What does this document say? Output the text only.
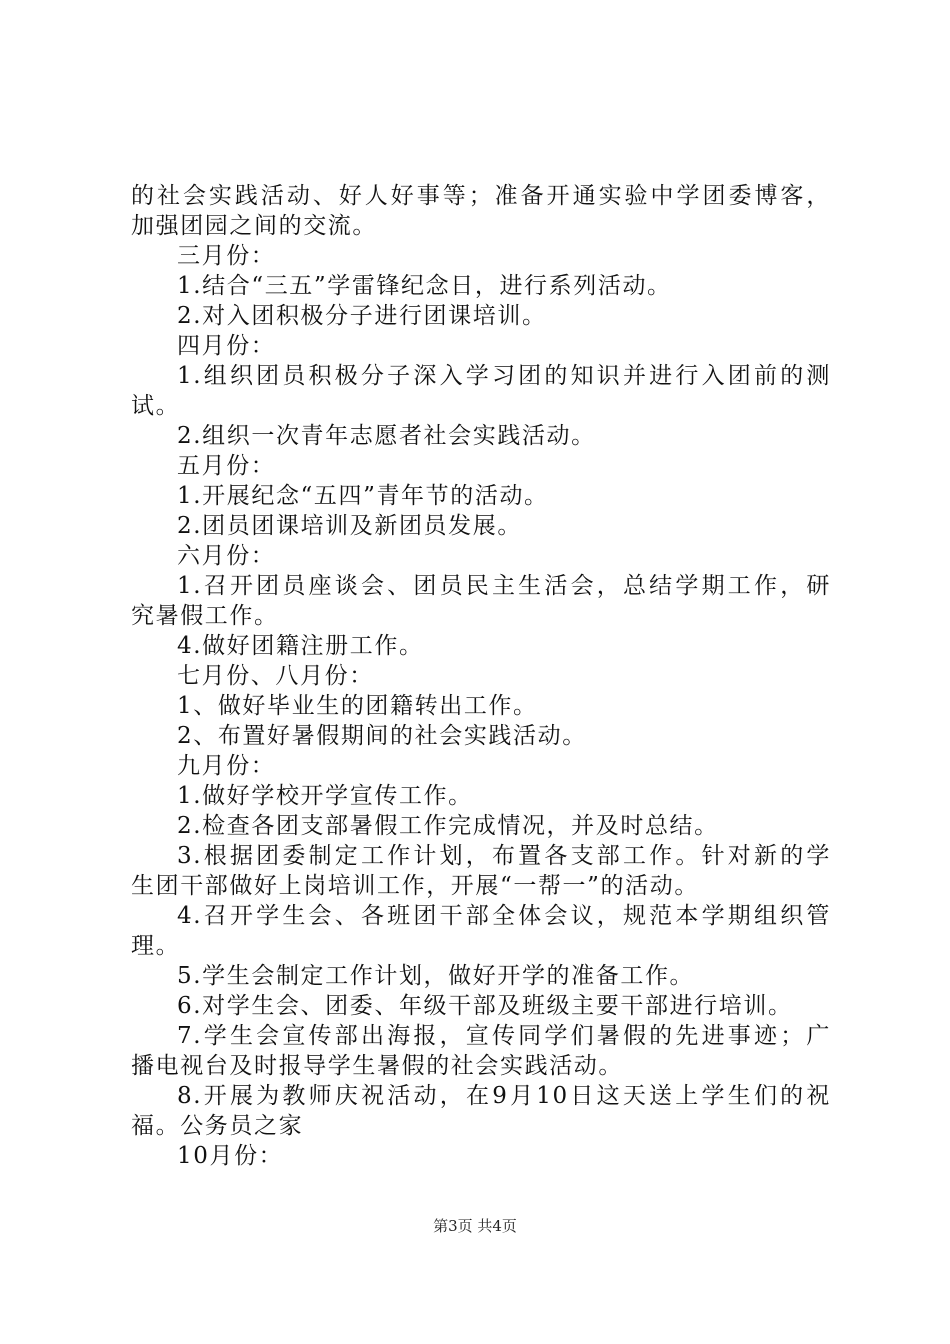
的社会实践活动、好人好事等；准备开通实验中学团委博客，
加强团园之间的交流。
三月份：
1.结合“三五”学雷锋纪念日，进行系列活动。
2.对入团积极分子进行团课培训。
四月份：
1.组织团员积极分子深入学习团的知识并进行入团前的测
试。
2.组织一次青年志愿者社会实践活动。
五月份：
1.开展纪念“五四”青年节的活动。
2.团员团课培训及新团员发展。
六月份：
1.召开团员座谈会、团员民主生活会，总结学期工作，研
究暑假工作。
4.做好团籍注册工作。
七月份、八月份：
1、做好毕业生的团籍转出工作。
2、布置好暑假期间的社会实践活动。
九月份：
1.做好学校开学宣传工作。
2.检查各团支部暑假工作完成情况，并及时总结。
3.根据团委制定工作计划，布置各支部工作。针对新的学
生团干部做好上岗培训工作，开展“一帮一”的活动。
4.召开学生会、各班团干部全体会议，规范本学期组织管
理。
5.学生会制定工作计划，做好开学的准备工作。
6.对学生会、团委、年级干部及班级主要干部进行培训。
7.学生会宣传部出海报，宣传同学们暑假的先进事迹；广
播电视台及时报导学生暑假的社会实践活动。
8.开展为教师庆祝活动，在9月10日这天送上学生们的祝
福。公务员之家
10月份：
第3页 共4页
